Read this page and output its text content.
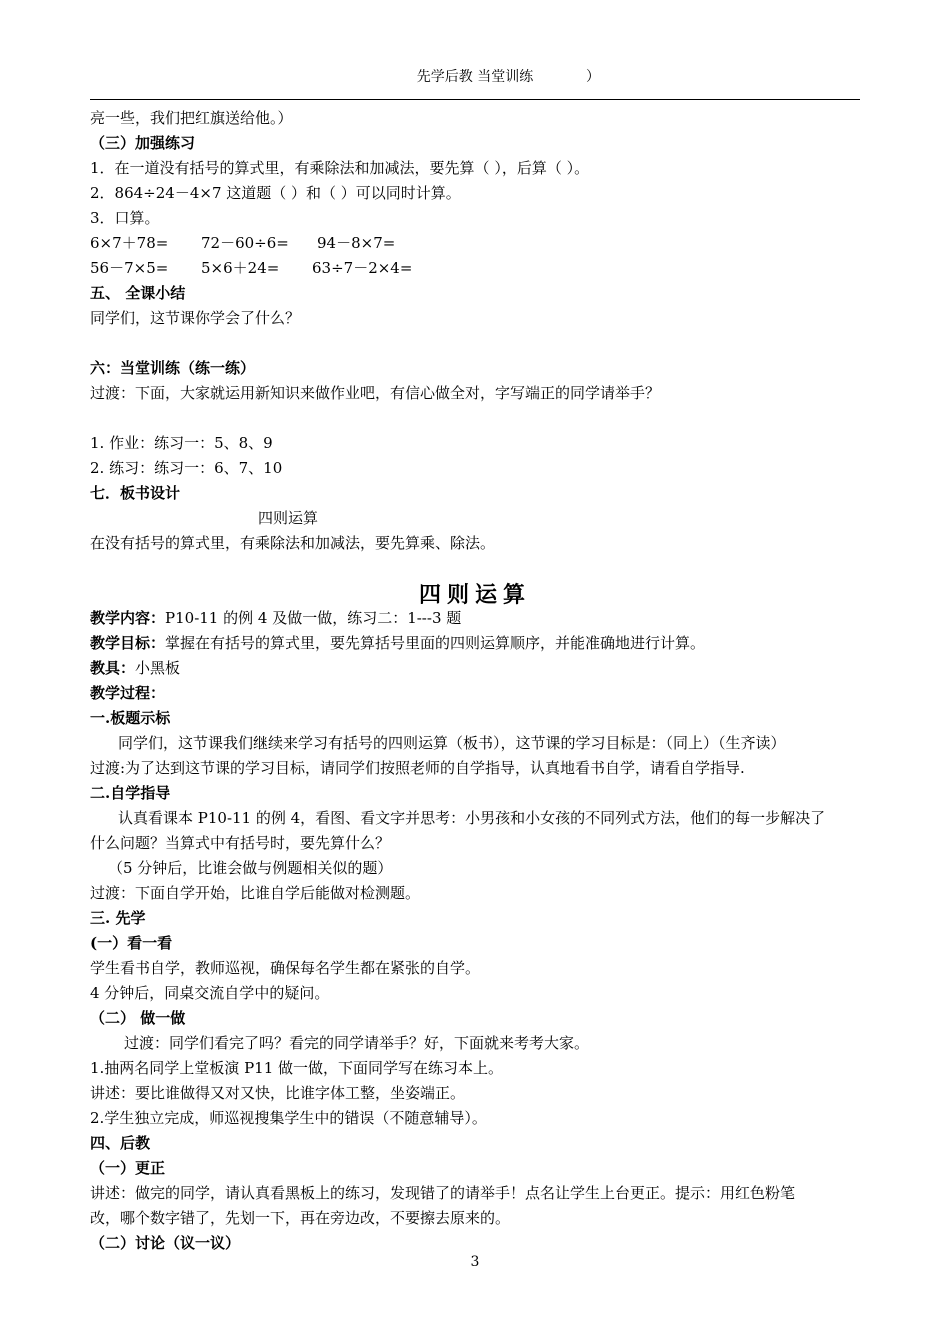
先学后教 当堂训练	）
亮一些，我们把红旗送给他。）
（三）加强练习
1．在一道没有括号的算式里，有乘除法和加减法，要先算（ ），后算（ ）。
2．864÷24－4×7 这道题（ ）和（ ）可以同时计算。
3．口算。
6×7＋78= 72－60÷6= 94－8×7=
56－7×5= 5×6＋24= 63÷7－2×4=
五、 全课小结
同学们，这节课你学会了什么？
六：当堂训练（练一练）
过渡：下面，大家就运用新知识来做作业吧，有信心做全对，字写端正的同学请举手？
1. 作业：练习一：5、8、9
2. 练习：练习一：6、7、10
七．板书设计
四则运算
在没有括号的算式里，有乘除法和加减法，要先算乘、除法。
四则运算
教学内容：P10-11 的例 4 及做一做，练习二：1---3 题
教学目标：掌握在有括号的算式里，要先算括号里面的四则运算顺序，并能准确地进行计算。
教具：小黑板
教学过程：
一.板题示标
同学们，这节课我们继续来学习有括号的四则运算（板书），这节课的学习目标是：（同上）（生齐读）
过渡:为了达到这节课的学习目标，请同学们按照老师的自学指导，认真地看书自学，请看自学指导.
二.自学指导
认真看课本 P10-11 的例 4，看图、看文字并思考：小男孩和小女孩的不同列式方法，他们的每一步解决了
什么问题？当算式中有括号时，要先算什么？
（5 分钟后，比谁会做与例题相关似的题）
过渡：下面自学开始，比谁自学后能做对检测题。
三. 先学
(一）看一看
学生看书自学，教师巡视，确保每名学生都在紧张的自学。
4 分钟后，同桌交流自学中的疑问。
（二） 做一做
过渡：同学们看完了吗？看完的同学请举手？好，下面就来考考大家。
1.抽两名同学上堂板演 P11 做一做，下面同学写在练习本上。
讲述：要比谁做得又对又快，比谁字体工整，坐姿端正。
2.学生独立完成，师巡视搜集学生中的错误（不随意辅导）。
四、后教
（一）更正
讲述：做完的同学，请认真看黑板上的练习，发现错了的请举手！点名让学生上台更正。提示：用红色粉笔
改，哪个数字错了，先划一下，再在旁边改，不要擦去原来的。
（二）讨论（议一议）
3
